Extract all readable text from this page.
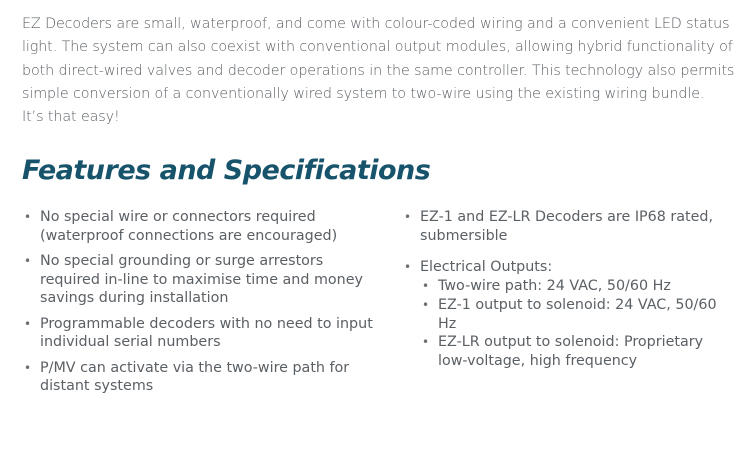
EZ Decoders are small, waterproof, and come with colour-coded wiring and a convenient LED status light. The system can also coexist with conventional output modules, allowing hybrid functionality of both direct-wired valves and decoder operations in the same controller. This technology also permits simple conversion of a conventionally wired system to two-wire using the existing wiring bundle.
It’s that easy!

Features and Specifications
• No special wire or connectors required (waterproof connections are encouraged)
• No special grounding or surge arrestors required in-line to maximise time and money savings during installation
• Programmable decoders with no need to input individual serial numbers
• P/MV can activate via the two-wire path for distant systems
• EZ-1 and EZ-LR Decoders are IP68 rated, submersible
• Electrical Outputs:
• Two-wire path: 24 VAC, 50/60 Hz
• EZ-1 output to solenoid: 24 VAC, 50/60 Hz
• EZ-LR output to solenoid: Proprietary low-voltage, high frequency
